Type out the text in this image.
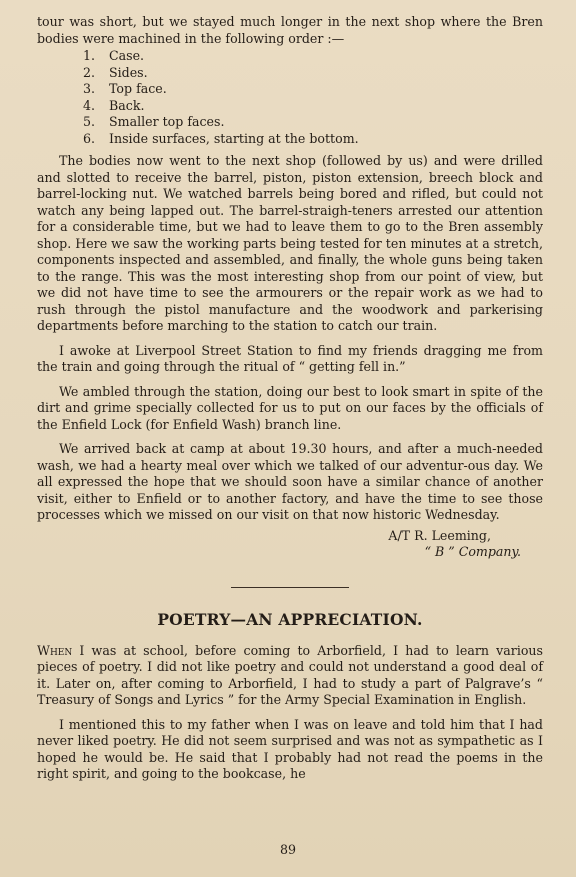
tour was short, but we stayed much longer in the next shop where the Bren bodies were machined in the following order :—

1.	Case.
2.	Sides.
3.	Top face.
4.	Back.
5.	Smaller top faces.
6.	Inside surfaces, starting at the bottom.

The bodies now went to the next shop (followed by us) and were drilled and slotted to receive the barrel, piston, piston extension, breech block and barrel-locking nut. We watched barrels being bored and rifled, but could not watch any being lapped out. The barrel-straigh-teners arrested our attention for a considerable time, but we had to leave them to go to the Bren assembly shop. Here we saw the working parts being tested for ten minutes at a stretch, components inspected and assembled, and finally, the whole guns being taken to the range. This was the most interesting shop from our point of view, but we did not have time to see the armourers or the repair work as we had to rush through the pistol manufacture and the woodwork and parkerising departments before marching to the station to catch our train.

I awoke at Liverpool Street Station to find my friends dragging me from the train and going through the ritual of “ getting fell in.”

We ambled through the station, doing our best to look smart in spite of the dirt and grime specially collected for us to put on our faces by the officials of the Enfield Lock (for Enfield Wash) branch line.

We arrived back at camp at about 19.30 hours, and after a much-needed wash, we had a hearty meal over which we talked of our adventur-ous day. We all expressed the hope that we should soon have a similar chance of another visit, either to Enfield or to another factory, and have the time to see those processes which we missed on our visit on that now historic Wednesday.

A/T R. Leeming,
“ B ” Company.
POETRY—AN APPRECIATION.

When I was at school, before coming to Arborfield, I had to learn various pieces of poetry. I did not like poetry and could not understand a good deal of it. Later on, after coming to Arborfield, I had to study a part of Palgrave’s “ Treasury of Songs and Lyrics ” for the Army Special Examination in English.

I mentioned this to my father when I was on leave and told him that I had never liked poetry. He did not seem surprised and was not as sympathetic as I hoped he would be. He said that I probably had not read the poems in the right spirit, and going to the bookcase, he

89
